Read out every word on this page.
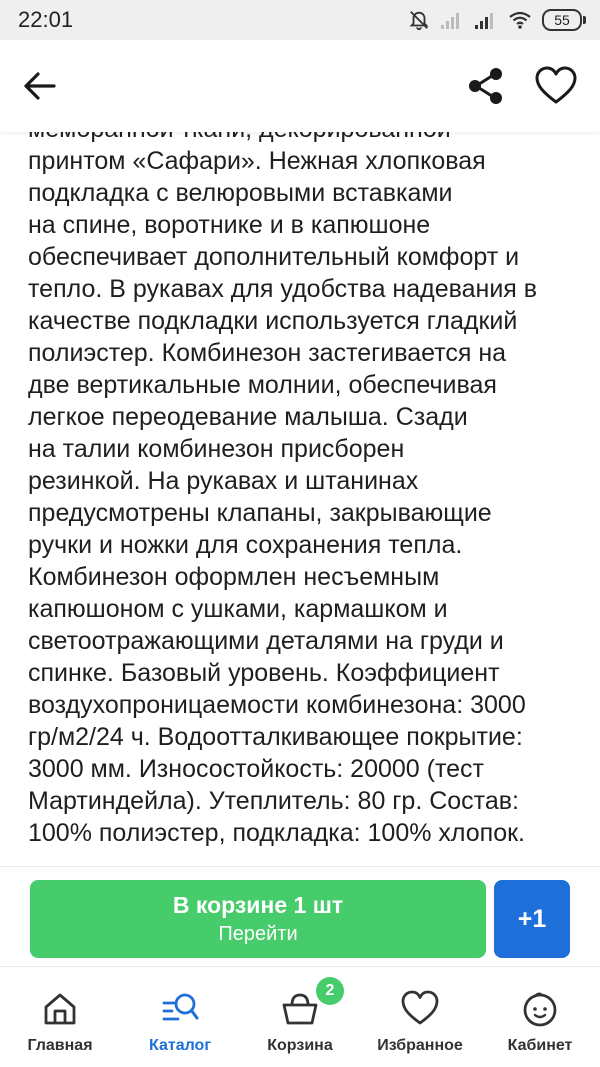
22:01	55

принтом «Сафари». Нежная хлопковая
подкладка с велюровыми вставками
на спине, воротнике и в капюшоне
обеспечивает дополнительный комфорт и
тепло. В рукавах для удобства надевания в
качестве подкладки используется гладкий
полиэстер. Комбинезон застегивается на
две вертикальные молнии, обеспечивая
легкое переодевание малыша. Сзади
на талии комбинезон присборен
резинкой. На рукавах и штанинах
предусмотрены клапаны, закрывающие
ручки и ножки для сохранения тепла.
Комбинезон оформлен несъемным
капюшоном с ушками, кармашком и
светоотражающими деталями на груди и
спинке. Базовый уровень. Коэффициент
воздухопроницаемости комбинезона: 3000
гр/м2/24 ч. Водоотталкивающее покрытие:
3000 мм. Износостойкость: 20000 (тест
Мартиндейла). Утеплитель: 80 гр. Состав:
100% полиэстер, подкладка: 100% хлопок.

В корзине 1 шт
Перейти
+1
Главная	Каталог
2
Корзина	Избранное	Кабинет
